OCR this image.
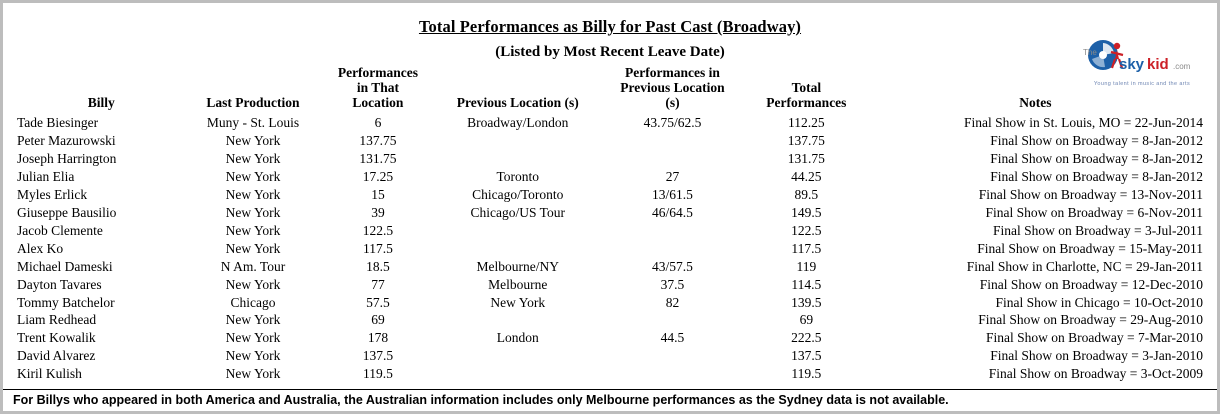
Total Performances as Billy for Past Cast (Broadway)
(Listed by Most Recent Leave Date)	The
sky kid .com
Young talent in music and the arts
Billy	Last Production	Performances
in That
Location	Previous Location (s)	Performances in
Previous Location
(s)	Total
Performances	Notes
Tade Biesinger	Muny - St. Louis	6	Broadway/London	43.75/62.5	112.25	Final Show in St. Louis, MO = 22-Jun-2014
Peter Mazurowski	New York	137.75			137.75	Final Show on Broadway = 8-Jan-2012
Joseph Harrington	New York	131.75			131.75	Final Show on Broadway = 8-Jan-2012
Julian Elia	New York	17.25	Toronto	27	44.25	Final Show on Broadway = 8-Jan-2012
Myles Erlick	New York	15	Chicago/Toronto	13/61.5	89.5	Final Show on Broadway = 13-Nov-2011
Giuseppe Bausilio	New York	39	Chicago/US Tour	46/64.5	149.5	Final Show on Broadway = 6-Nov-2011
Jacob Clemente	New York	122.5			122.5	Final Show on Broadway = 3-Jul-2011
Alex Ko	New York	117.5			117.5	Final Show on Broadway = 15-May-2011
Michael Dameski	N Am. Tour	18.5	Melbourne/NY	43/57.5	119	Final Show in Charlotte, NC = 29-Jan-2011
Dayton Tavares	New York	77	Melbourne	37.5	114.5	Final Show on Broadway = 12-Dec-2010
Tommy Batchelor	Chicago	57.5	New York	82	139.5	Final Show in Chicago = 10-Oct-2010
Liam Redhead	New York	69			69	Final Show on Broadway = 29-Aug-2010
Trent Kowalik	New York	178	London	44.5	222.5	Final Show on Broadway = 7-Mar-2010
David Alvarez	New York	137.5			137.5	Final Show on Broadway = 3-Jan-2010
Kiril Kulish	New York	119.5			119.5	Final Show on Broadway = 3-Oct-2009
For Billys who appeared in both America and Australia, the Australian information includes only Melbourne performances as the Sydney data is not available.
